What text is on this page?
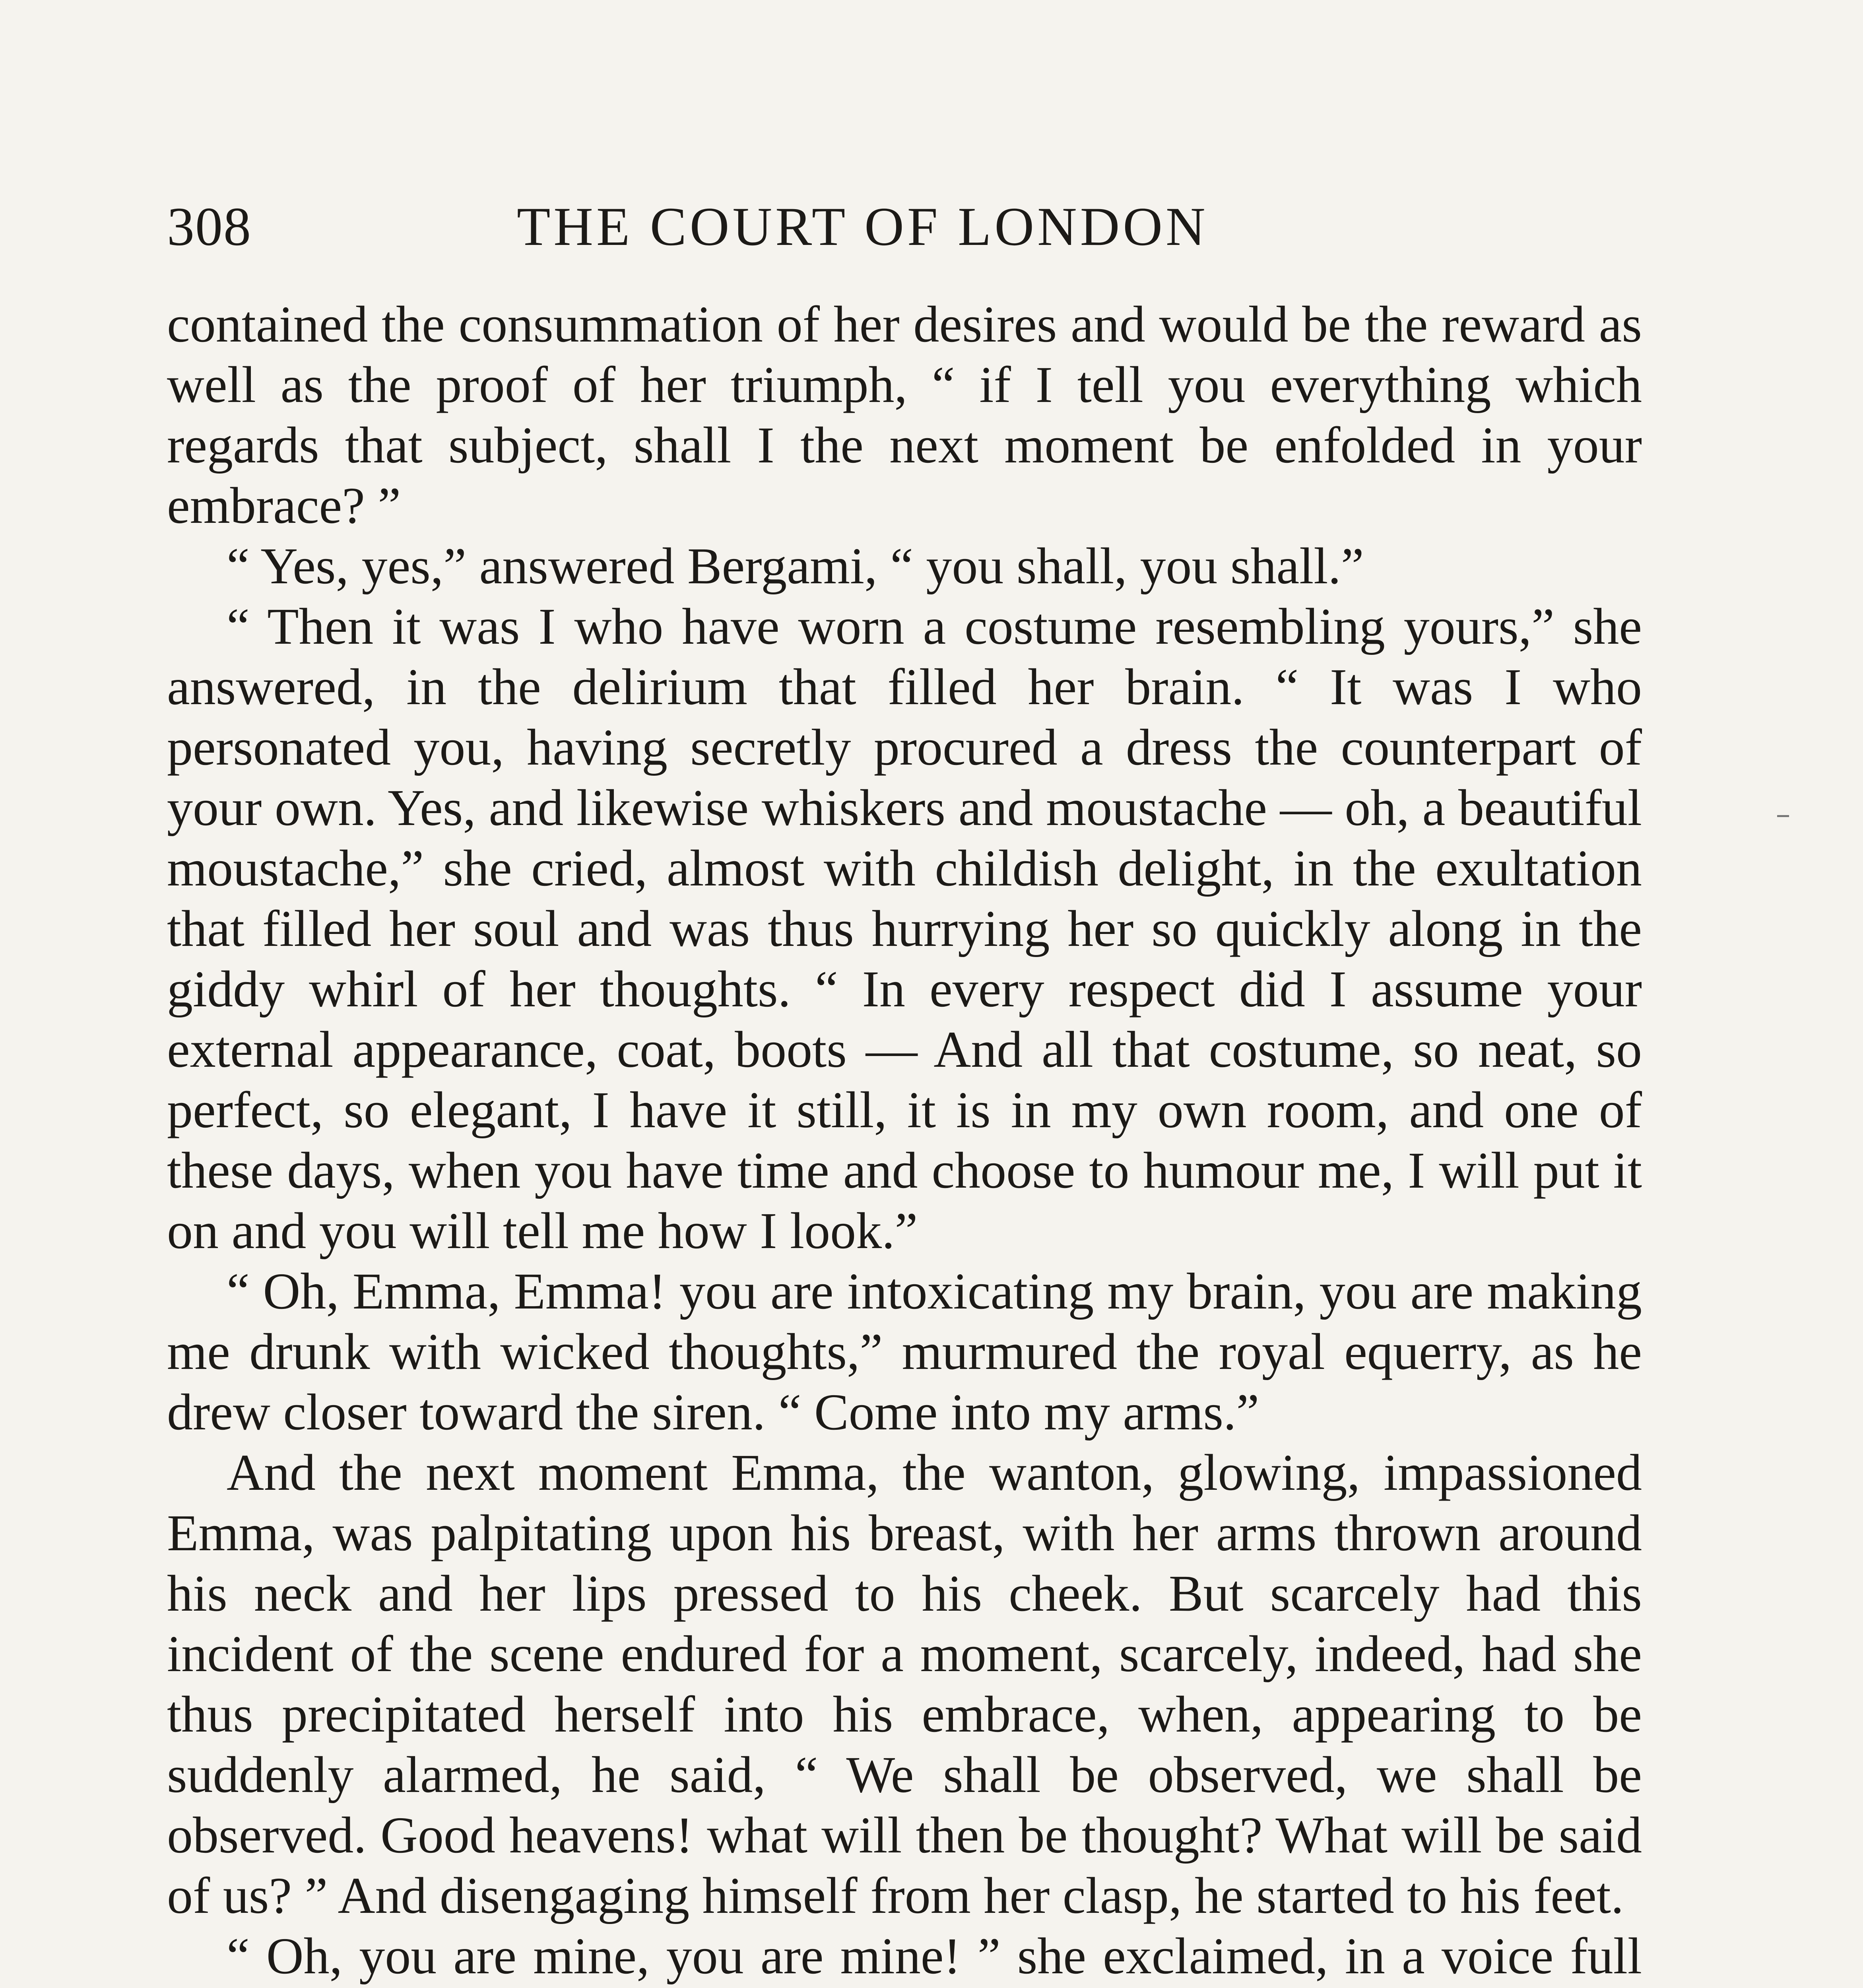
308	THE COURT OF LONDON

contained the consummation of her desires and would be the reward as well as the proof of her triumph, “ if I tell you everything which regards that subject, shall I the next moment be enfolded in your embrace? ”

“ Yes, yes,” answered Bergami, “ you shall, you shall.”

“ Then it was I who have worn a costume resembling yours,” she answered, in the delirium that filled her brain. “ It was I who personated you, having secretly procured a dress the counterpart of your own. Yes, and likewise whiskers and moustache — oh, a beautiful moustache,” she cried, almost with childish delight, in the exultation that filled her soul and was thus hurrying her so quickly along in the giddy whirl of her thoughts. “ In every respect did I assume your external appearance, coat, boots — And all that costume, so neat, so perfect, so elegant, I have it still, it is in my own room, and one of these days, when you have time and choose to humour me, I will put it on and you will tell me how I look.”

“ Oh, Emma, Emma! you are intoxicating my brain, you are making me drunk with wicked thoughts,” murmured the royal equerry, as he drew closer toward the siren. “ Come into my arms.”

And the next moment Emma, the wanton, glowing, impassioned Emma, was palpitating upon his breast, with her arms thrown around his neck and her lips pressed to his cheek. But scarcely had this incident of the scene endured for a moment, scarcely, indeed, had she thus precipitated herself into his embrace, when, appearing to be suddenly alarmed, he said, “ We shall be observed, we shall be observed. Good heavens! what will then be thought? What will be said of us? ” And disengaging himself from her clasp, he started to his feet.

“ Oh, you are mine, you are mine! ” she exclaimed, in a voice full
